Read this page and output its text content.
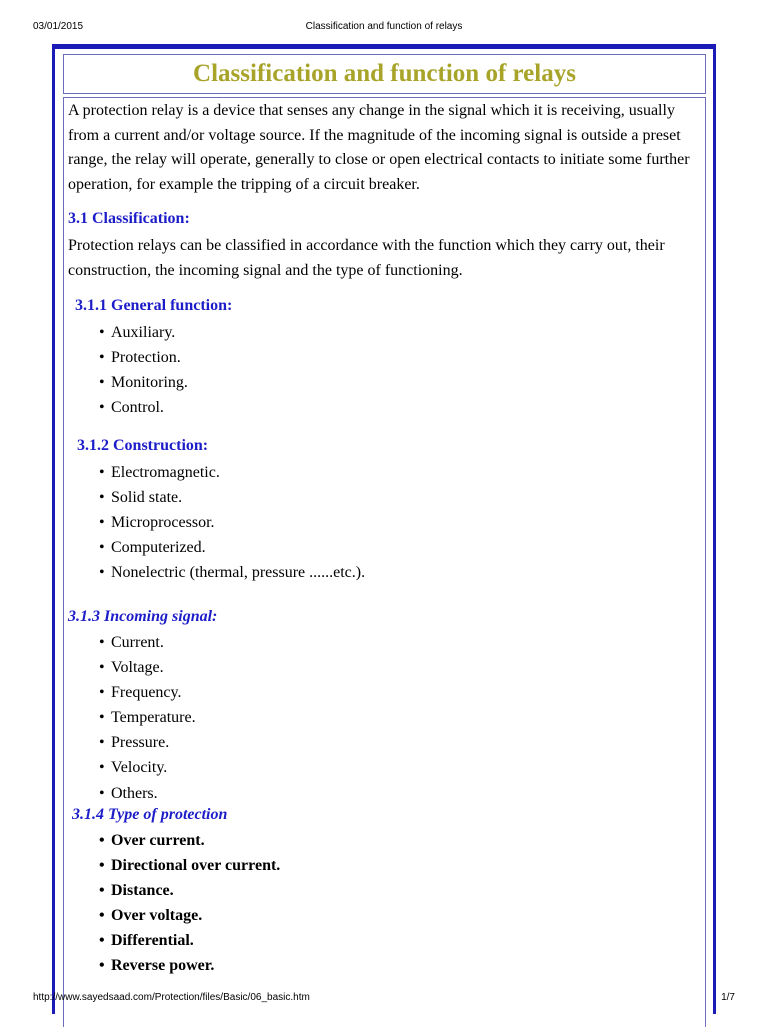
03/01/2015	Classification and function of relays
Classification and function of relays
A protection relay is a device that senses any change in the signal which it is receiving, usually from a current and/or voltage source. If the magnitude of the incoming signal is outside a preset range, the relay will operate, generally to close or open electrical contacts to initiate some further operation, for example the tripping of a circuit breaker.
3.1 Classification:
Protection relays can be classified in accordance with the function which they carry out, their construction, the incoming signal and the type of functioning.
3.1.1 General function:
• Auxiliary.
• Protection.
• Monitoring.
• Control.
3.1.2 Construction:
• Electromagnetic.
• Solid state.
• Microprocessor.
• Computerized.
• Nonelectric (thermal, pressure ......etc.).
3.1.3 Incoming signal:
• Current.
• Voltage.
• Frequency.
• Temperature.
• Pressure.
• Velocity.
• Others.
3.1.4 Type of protection
• Over current.
• Directional over current.
• Distance.
• Over voltage.
• Differential.
• Reverse power.
http://www.sayedsaad.com/Protection/files/Basic/06_basic.htm	1/7
